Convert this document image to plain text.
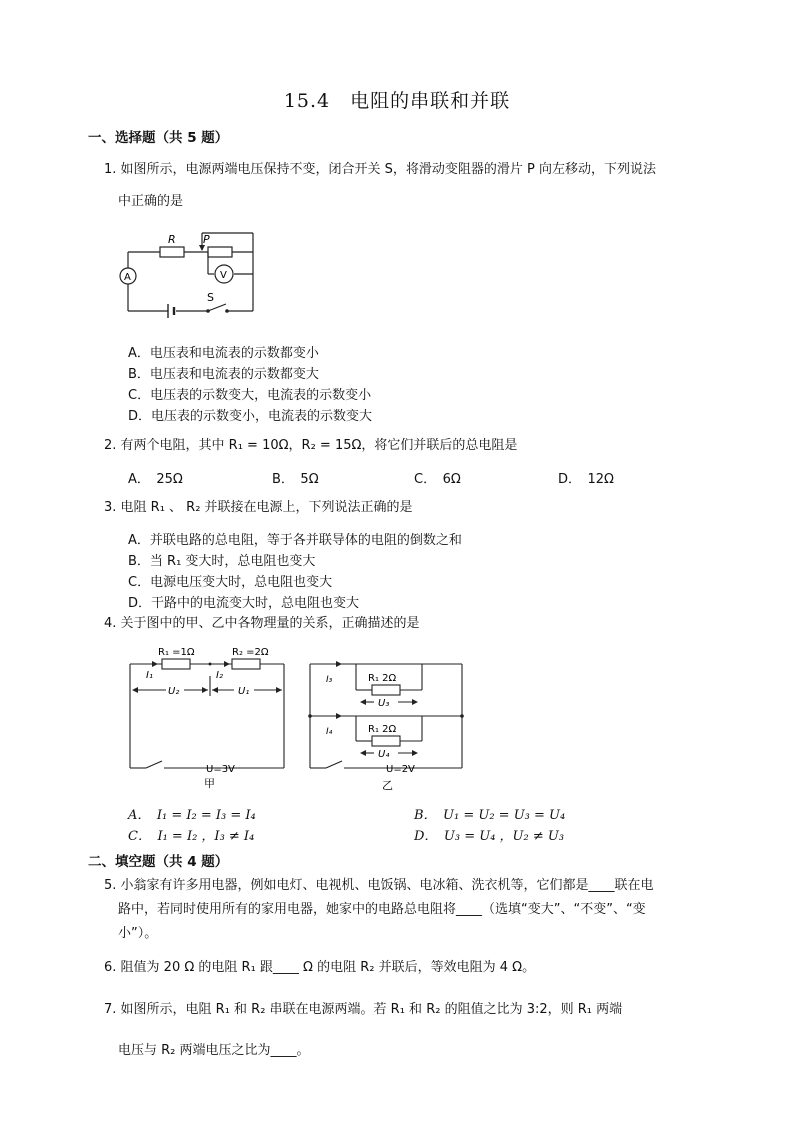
15.4　电阻的串联和并联
一、选择题（共 5 题）
1. 如图所示，电源两端电压保持不变，闭合开关 S，将滑动变阻器的滑片 P 向左移动，下列说法
中正确的是
R P
A	V
S
A．电压表和电流表的示数都变小
B．电压表和电流表的示数都变大
C．电压表的示数变大，电流表的示数变小
D．电压表的示数变小，电流表的示数变大
2. 有两个电阻，其中 R₁ = 10Ω，R₂ = 15Ω，将它们并联后的总电阻是
A．　25Ω	B．　5Ω	C．　6Ω	D．　12Ω
3. 电阻 R₁ 、 R₂ 并联接在电源上，下列说法正确的是
A．并联电路的总电阻，等于各并联导体的电阻的倒数之和
B．当 R₁ 变大时，总电阻也变大
C．电源电压变大时，总电阻也变大
D．干路中的电流变大时，总电阻也变大
4. 关于图中的甲、乙中各物理量的关系，正确描述的是
R₁ =1Ω	R₂ =2Ω
I₁	I₂
U₂	U₁
U=3V
甲
R₁ 2Ω
R₁ 2Ω
I₃
I₄
U₃
U₄
U=2V
乙
A．　I₁ = I₂ = I₃ = I₄	B．　U₁ = U₂ = U₃ = U₄
C．　I₁ = I₂ ，I₃ ≠ I₄	D．　U₃ = U₄ ，U₂ ≠ U₃
二、填空题（共 4 题）
5. 小翁家有许多用电器，例如电灯、电视机、电饭锅、电冰箱、洗衣机等，它们都是____联在电
路中，若同时使用所有的家用电器，她家中的电路总电阻将____（选填“变大”、“不变”、“变
小”）。
6. 阻值为 20 Ω 的电阻 R₁ 跟____ Ω 的电阻 R₂ 并联后，等效电阻为 4 Ω。
7. 如图所示，电阻 R₁ 和 R₂ 串联在电源两端。若 R₁ 和 R₂ 的阻值之比为 3:2，则 R₁ 两端
电压与 R₂ 两端电压之比为____。
